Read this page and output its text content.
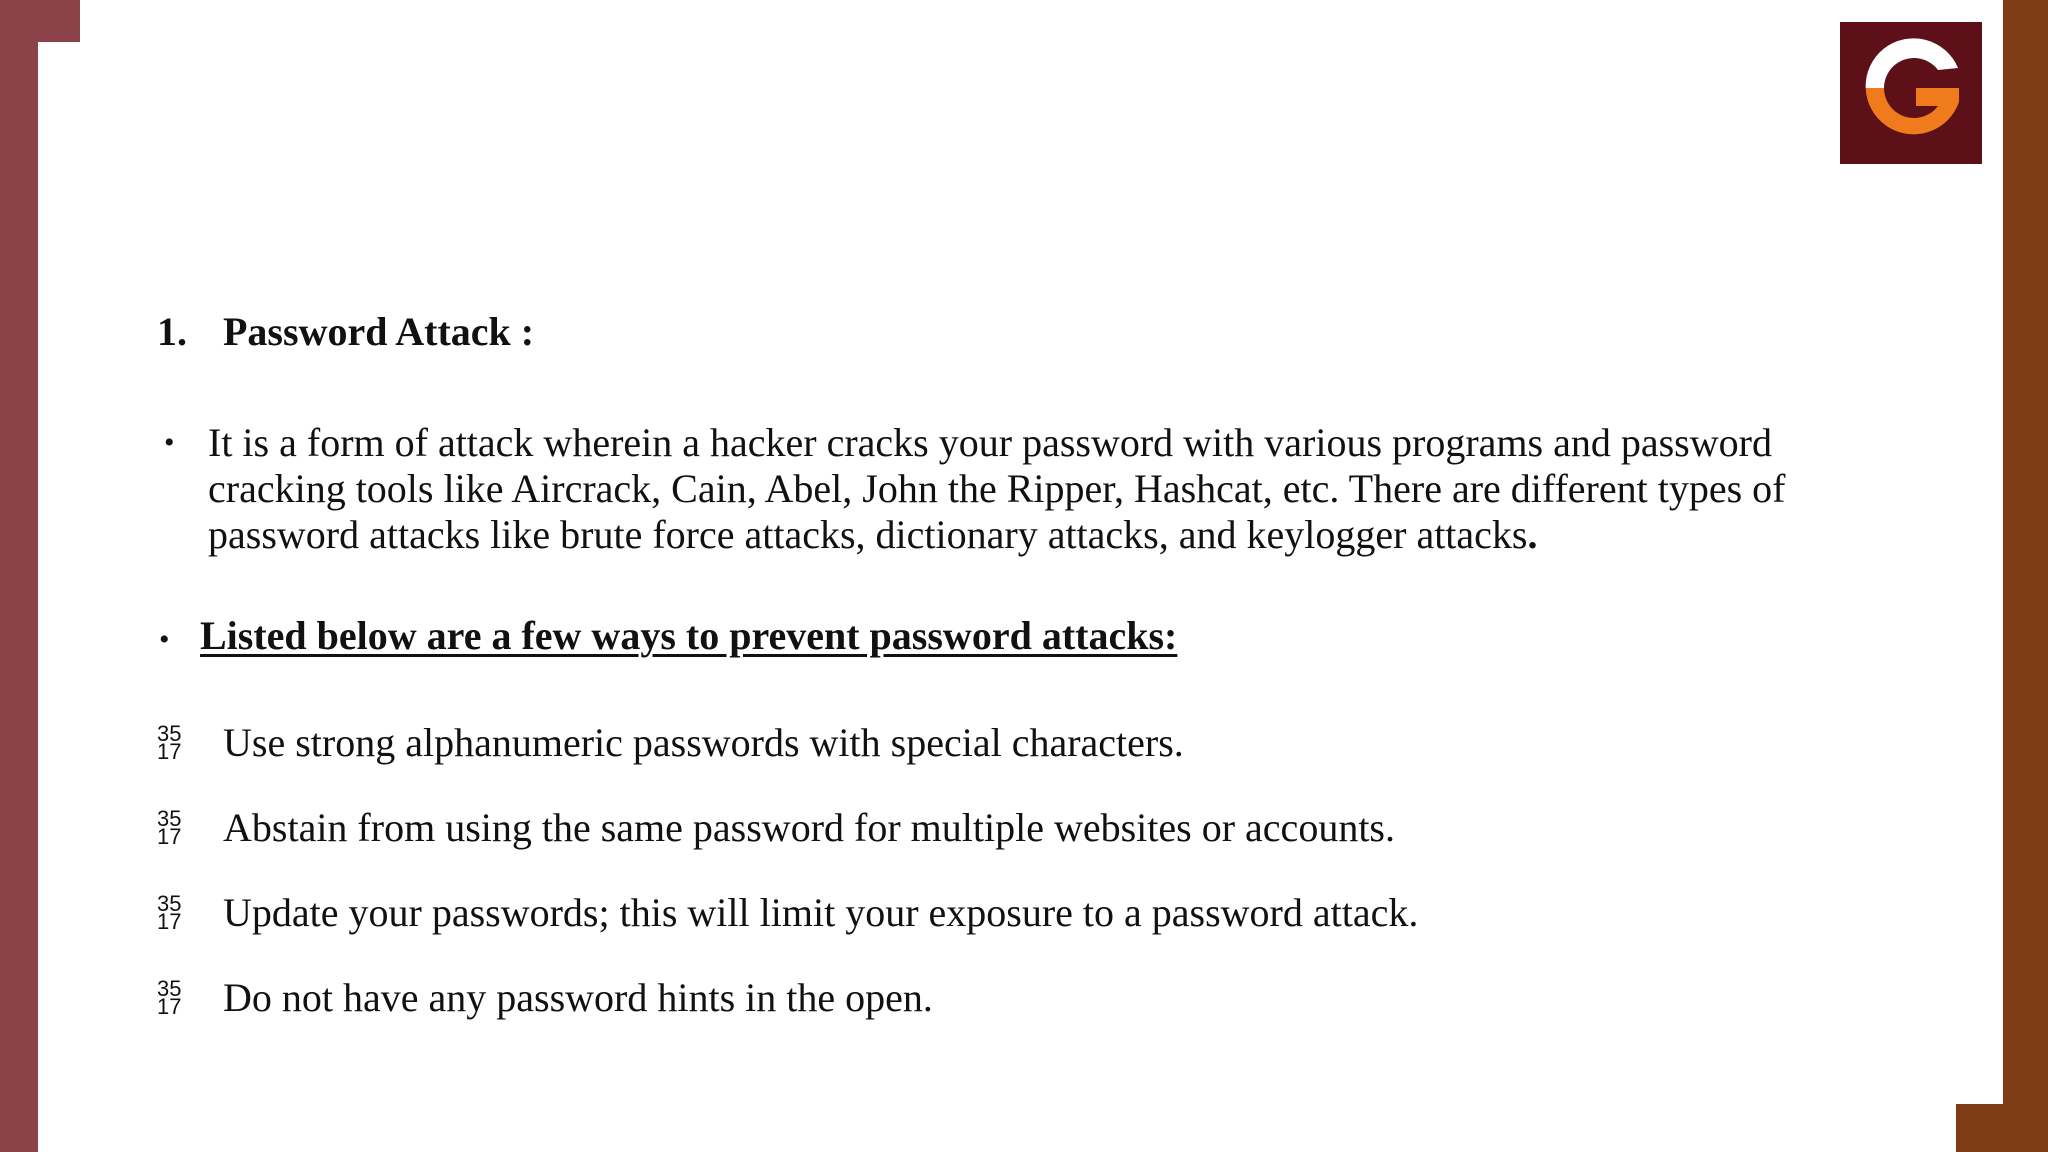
1. Password Attack :
• It is a form of attack wherein a hacker cracks your password with various programs and password cracking tools like Aircrack, Cain, Abel, John the Ripper, Hashcat, etc. There are different types of password attacks like brute force attacks, dictionary attacks, and keylogger attacks.
• Listed below are a few ways to prevent password attacks:
35
17	Use strong alphanumeric passwords with special characters.
35
17	Abstain from using the same password for multiple websites or accounts.
35
17	Update your passwords; this will limit your exposure to a password attack.
35
17	Do not have any password hints in the open.
